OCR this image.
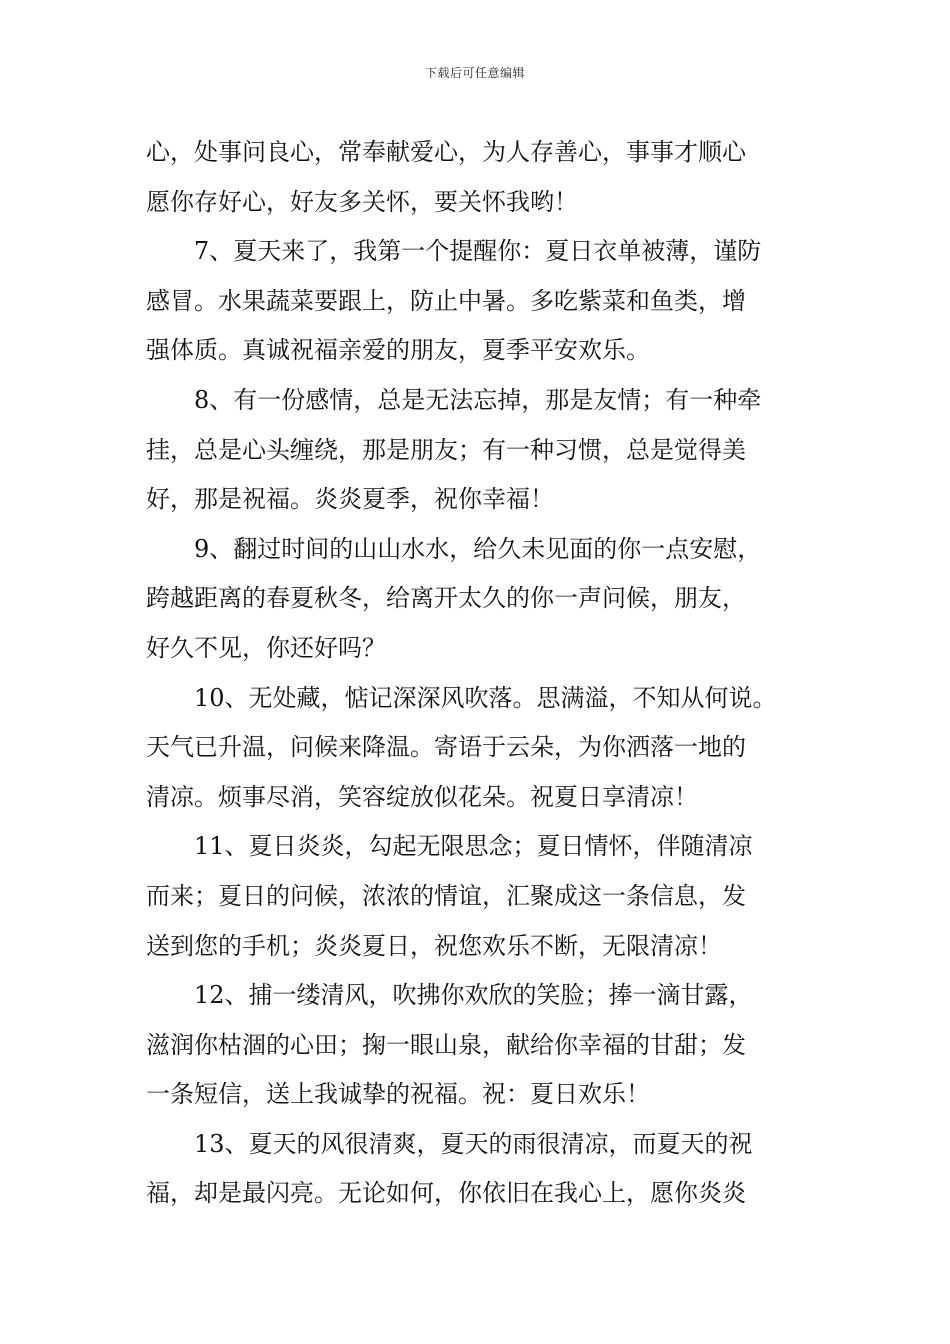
下载后可任意编辑
心，处事问良心，常奉献爱心，为人存善心，事事才顺心
愿你存好心，好友多关怀，要关怀我哟！
7、夏天来了，我第一个提醒你：夏日衣单被薄，谨防
感冒。水果蔬菜要跟上，防止中暑。多吃紫菜和鱼类，增
强体质。真诚祝福亲爱的朋友，夏季平安欢乐。
8、有一份感情，总是无法忘掉，那是友情；有一种牵
挂，总是心头缠绕，那是朋友；有一种习惯，总是觉得美
好，那是祝福。炎炎夏季，祝你幸福！
9、翻过时间的山山水水，给久未见面的你一点安慰，
跨越距离的春夏秋冬，给离开太久的你一声问候，朋友，
好久不见，你还好吗？
10、无处藏，惦记深深风吹落。思满溢，不知从何说。
天气已升温，问候来降温。寄语于云朵，为你洒落一地的
清凉。烦事尽消，笑容绽放似花朵。祝夏日享清凉！
11、夏日炎炎，勾起无限思念；夏日情怀，伴随清凉
而来；夏日的问候，浓浓的情谊，汇聚成这一条信息，发
送到您的手机；炎炎夏日，祝您欢乐不断，无限清凉！
12、捕一缕清风，吹拂你欢欣的笑脸；捧一滴甘露，
滋润你枯涸的心田；掬一眼山泉，献给你幸福的甘甜；发
一条短信，送上我诚挚的祝福。祝：夏日欢乐！
13、夏天的风很清爽，夏天的雨很清凉，而夏天的祝
福，却是最闪亮。无论如何，你依旧在我心上，愿你炎炎
